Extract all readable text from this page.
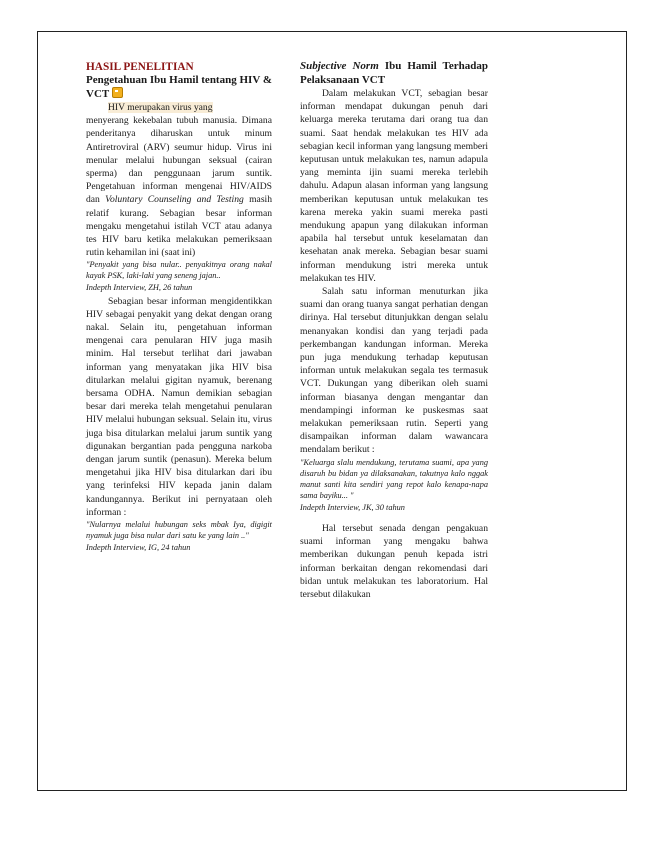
HASIL PENELITIAN

Pengetahuan Ibu Hamil tentang HIV & VCT

HIV merupakan virus yang

menyerang kekebalan tubuh manusia. Dimana penderitanya diharuskan untuk minum Antiretroviral (ARV) seumur hidup. Virus ini menular melalui hubungan seksual (cairan sperma) dan penggunaan jarum suntik. Pengetahuan informan mengenai HIV/AIDS dan Voluntary Counseling and Testing masih relatif kurang. Sebagian besar informan mengaku mengetahui istilah VCT atau adanya tes HIV baru ketika melakukan pemeriksaan rutin kehamilan ini (saat ini)

"Penyakit yang bisa nular.. penyakitnya orang nakal kayak PSK, laki-laki yang seneng jajan..

Indepth Interview, ZH, 26 tahun

Sebagian besar informan mengidentikkan HIV sebagai penyakit yang dekat dengan orang nakal. Selain itu, pengetahuan informan mengenai cara penularan HIV juga masih minim. Hal tersebut terlihat dari jawaban informan yang menyatakan jika HIV bisa ditularkan melalui gigitan nyamuk, berenang bersama ODHA. Namun demikian sebagian besar dari mereka telah mengetahui penularan HIV melalui hubungan seksual. Selain itu, virus juga bisa ditularkan melalui jarum suntik yang digunakan bergantian pada pengguna narkoba dengan jarum suntik (penasun). Mereka belum mengetahui jika HIV bisa ditularkan dari ibu yang terinfeksi HIV kepada janin dalam kandungannya. Berikut ini pernyataan oleh informan :

"Nularnya melalui hubungan seks mbak Iya, digigit nyamuk juga bisa nular dari satu ke yang lain .."

Indepth Interview, IG, 24 tahun

Subjective Norm Ibu Hamil Terhadap Pelaksanaan VCT

Dalam melakukan VCT, sebagian besar informan mendapat dukungan penuh dari keluarga mereka terutama dari orang tua dan suami. Saat hendak melakukan tes HIV ada sebagian kecil informan yang langsung memberi keputusan untuk melakukan tes, namun adapula yang meminta ijin suami mereka terlebih dahulu. Adapun alasan informan yang langsung memberikan keputusan untuk melakukan tes karena mereka yakin suami mereka pasti mendukung apapun yang dilakukan informan apabila hal tersebut untuk keselamatan dan kesehatan anak mereka. Sebagian besar suami informan mendukung istri mereka untuk melakukan tes HIV.

Salah satu informan menuturkan jika suami dan orang tuanya sangat perhatian dengan dirinya. Hal tersebut ditunjukkan dengan selalu menanyakan kondisi dan yang terjadi pada perkembangan kandungan informan. Mereka pun juga mendukung terhadap keputusan informan untuk melakukan segala tes termasuk VCT. Dukungan yang diberikan oleh suami informan biasanya dengan mengantar dan mendampingi informan ke puskesmas saat melakukan pemeriksaan rutin. Seperti yang disampaikan informan dalam wawancara mendalam berikut :

"Keluarga slalu mendukung, terutama suami, apa yang disaruh bu bidan ya dilaksanakan, takutnya kalo nggak manut santi kita sendiri yang repot kalo kenapa-napa sama bayiku... "

Indepth Interview, JK, 30 tahun

Hal tersebut senada dengan pengakuan suami informan yang mengaku bahwa memberikan dukungan penuh kepada istri informan berkaitan dengan rekomendasi dari bidan untuk melakukan tes laboratorium. Hal tersebut dilakukan
